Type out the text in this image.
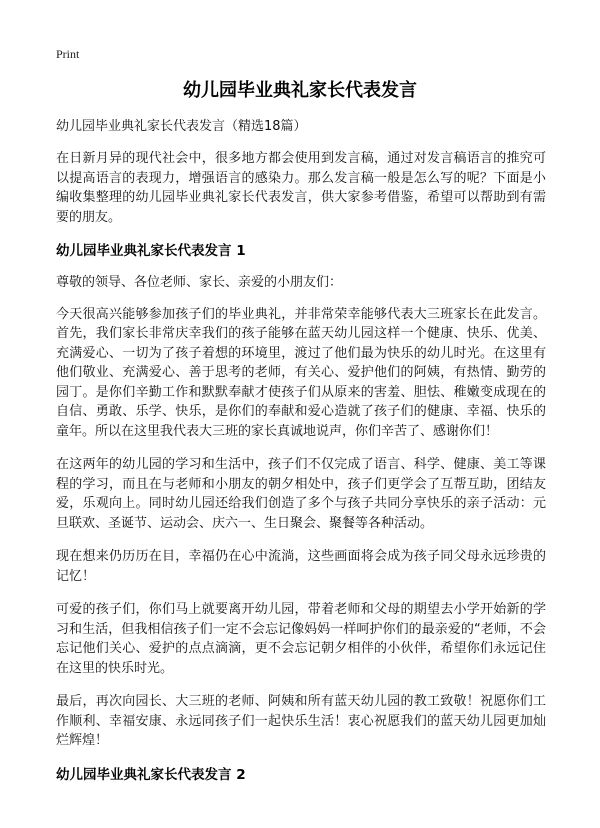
Print
幼儿园毕业典礼家长代表发言
幼儿园毕业典礼家长代表发言（精选18篇）

在日新月异的现代社会中，很多地方都会使用到发言稿，通过对发言稿语言的推究可以提高语言的表现力，增强语言的感染力。那么发言稿一般是怎么写的呢？下面是小编收集整理的幼儿园毕业典礼家长代表发言，供大家参考借鉴，希望可以帮助到有需要的朋友。

幼儿园毕业典礼家长代表发言 1
尊敬的领导、各位老师、家长、亲爱的小朋友们：

今天很高兴能够参加孩子们的毕业典礼，并非常荣幸能够代表大三班家长在此发言。首先，我们家长非常庆幸我们的孩子能够在蓝天幼儿园这样一个健康、快乐、优美、充满爱心、一切为了孩子着想的环境里，渡过了他们最为快乐的幼儿时光。在这里有他们敬业、充满爱心、善于思考的老师，有关心、爱护他们的阿姨，有热情、勤劳的园丁。是你们辛勤工作和默默奉献才使孩子们从原来的害羞、胆怯、稚嫩变成现在的自信、勇敢、乐学、快乐，是你们的奉献和爱心造就了孩子们的健康、幸福、快乐的童年。所以在这里我代表大三班的家长真诚地说声，你们辛苦了、感谢你们！

在这两年的幼儿园的学习和生活中，孩子们不仅完成了语言、科学、健康、美工等课程的学习，而且在与老师和小朋友的朝夕相处中，孩子们更学会了互帮互助，团结友爱，乐观向上。同时幼儿园还给我们创造了多个与孩子共同分享快乐的亲子活动：元旦联欢、圣诞节、运动会、庆六一、生日聚会、聚餐等各种活动。

现在想来仍历历在目，幸福仍在心中流淌，这些画面将会成为孩子同父母永远珍贵的记忆！

可爱的孩子们，你们马上就要离开幼儿园，带着老师和父母的期望去小学开始新的学习和生活，但我相信孩子们一定不会忘记像妈妈一样呵护你们的最亲爱的“老师，不会忘记他们关心、爱护的点点滴滴，更不会忘记朝夕相伴的小伙伴，希望你们永远记住在这里的快乐时光。

最后，再次向园长、大三班的老师、阿姨和所有蓝天幼儿园的教工致敬！祝愿你们工作顺利、幸福安康、永远同孩子们一起快乐生活！衷心祝愿我们的蓝天幼儿园更加灿烂辉煌！

幼儿园毕业典礼家长代表发言 2
